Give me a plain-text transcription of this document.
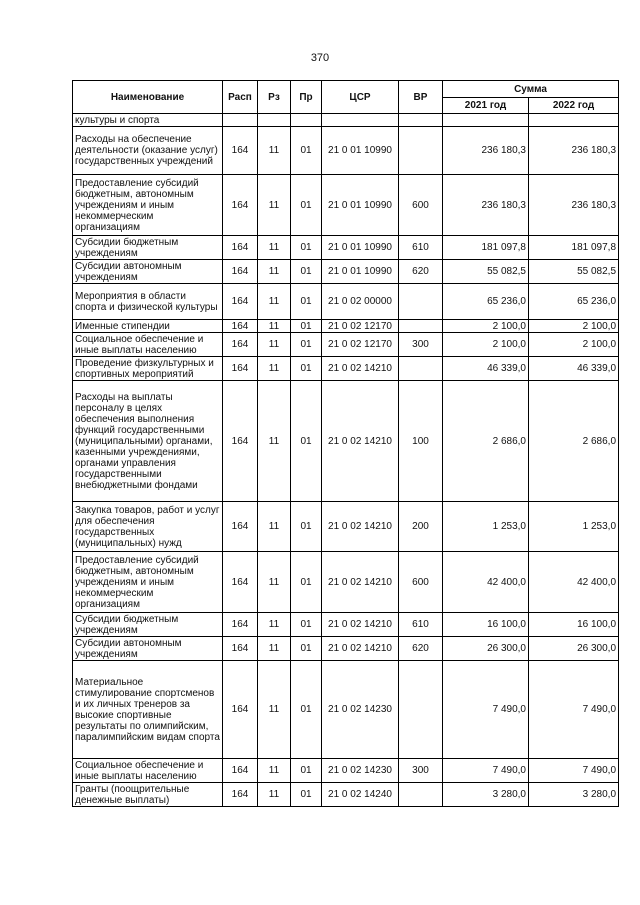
370
Наименование	Расп	Рз	Пр	ЦСР	ВР	Сумма	
						2021 год	2022 год
культуры и спорта							
Расходы на обеспечение деятельности (оказание услуг) государственных учреждений	164	11	01	21 0 01 10990		236 180,3	236 180,3
Предоставление субсидий бюджетным, автономным учреждениям и иным некоммерческим организациям	164	11	01	21 0 01 10990	600	236 180,3	236 180,3
Субсидии бюджетным учреждениям	164	11	01	21 0 01 10990	610	181 097,8	181 097,8
Субсидии автономным учреждениям	164	11	01	21 0 01 10990	620	55 082,5	55 082,5
Мероприятия в области спорта и физической культуры	164	11	01	21 0 02 00000		65 236,0	65 236,0
Именные стипендии	164	11	01	21 0 02 12170		2 100,0	2 100,0
Социальное обеспечение и иные выплаты населению	164	11	01	21 0 02 12170	300	2 100,0	2 100,0
Проведение физкультурных и спортивных мероприятий	164	11	01	21 0 02 14210		46 339,0	46 339,0
Расходы на выплаты персоналу в целях обеспечения выполнения функций государственными (муниципальными) органами, казенными учреждениями, органами управления государственными внебюджетными фондами	164	11	01	21 0 02 14210	100	2 686,0	2 686,0
Закупка товаров, работ и услуг для обеспечения государственных (муниципальных) нужд	164	11	01	21 0 02 14210	200	1 253,0	1 253,0
Предоставление субсидий бюджетным, автономным учреждениям и иным некоммерческим организациям	164	11	01	21 0 02 14210	600	42 400,0	42 400,0
Субсидии бюджетным учреждениям	164	11	01	21 0 02 14210	610	16 100,0	16 100,0
Субсидии автономным учреждениям	164	11	01	21 0 02 14210	620	26 300,0	26 300,0
Материальное стимулирование спортсменов и их личных тренеров за высокие спортивные результаты по олимпийским, паралимпийским видам спорта	164	11	01	21 0 02 14230		7 490,0	7 490,0
Социальное обеспечение и иные выплаты населению	164	11	01	21 0 02 14230	300	7 490,0	7 490,0
Гранты (поощрительные денежные выплаты)	164	11	01	21 0 02 14240		3 280,0	3 280,0
